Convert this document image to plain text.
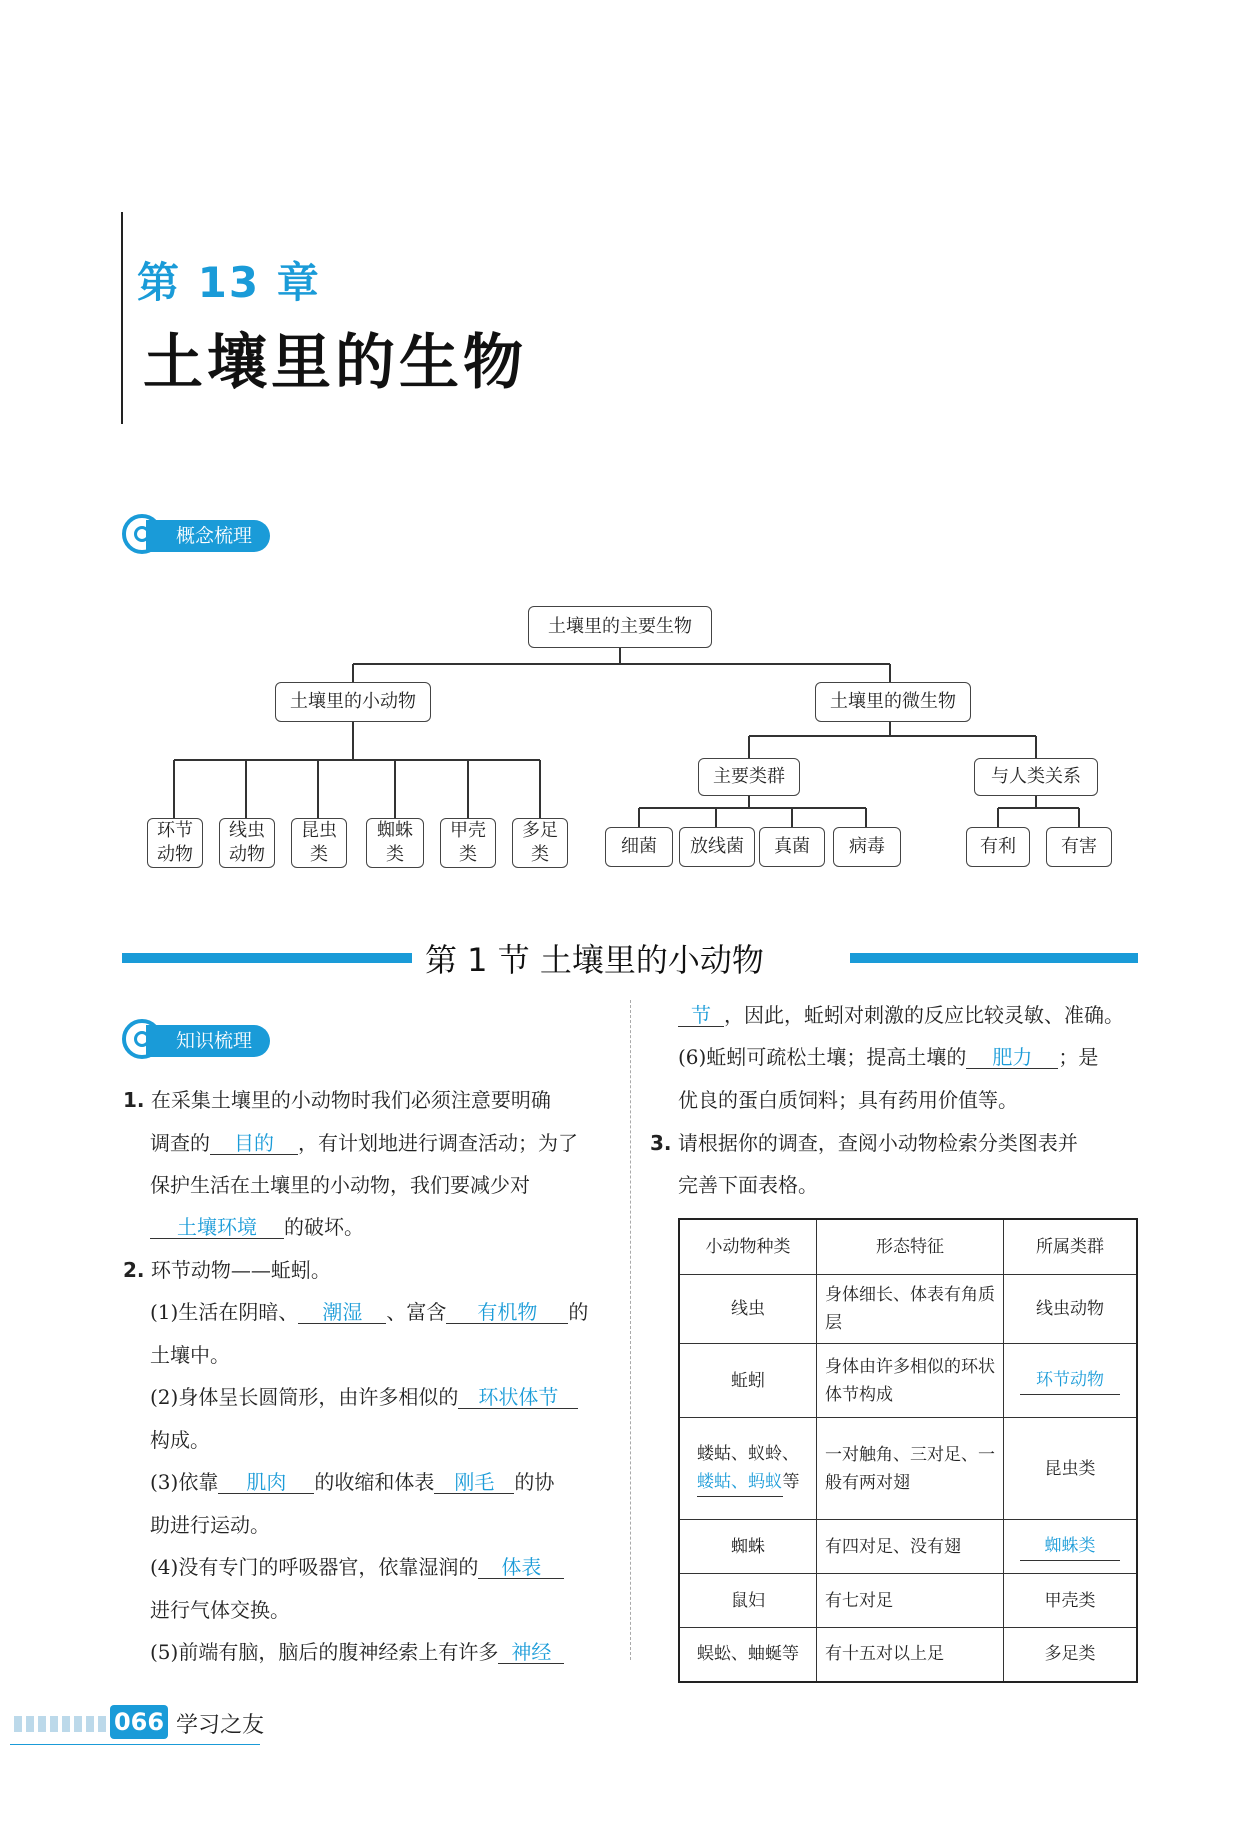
第 13 章
土壤里的生物
概念梳理
土壤里的主要生物
土壤里的小动物	土壤里的微生物
环节
动物
线虫
动物
昆虫
类
蜘蛛
类
甲壳
类
多足
类
主要类群	与人类关系
细菌	放线菌	真菌	病毒	有利	有害
第 1 节 土壤里的小动物
知识梳理
1. 在采集土壤里的小动物时我们必须注意要明确
调查的 目的 ，有计划地进行调查活动；为了
保护生活在土壤里的小动物，我们要减少对
土壤环境 的破坏。
2. 环节动物——蚯蚓。
(1)生活在阴暗、 潮湿 、富含 有机物 的
土壤中。
(2)身体呈长圆筒形，由许多相似的 环状体节
构成。
(3)依靠 肌肉 的收缩和体表 刚毛 的协
助进行运动。
(4)没有专门的呼吸器官，依靠湿润的 体表
进行气体交换。
(5)前端有脑，脑后的腹神经索上有许多 神经
节 ，因此，蚯蚓对刺激的反应比较灵敏、准确。
(6)蚯蚓可疏松土壤；提高土壤的 肥力 ；是
优良的蛋白质饲料；具有药用价值等。
3. 请根据你的调查，查阅小动物检索分类图表并
完善下面表格。
小动物种类	形态特征	所属类群
线虫	身体细长、体表有角质层	线虫动物
蚯蚓	身体由许多相似的环状体节构成	环节动物

蝼蛄、蚁蛉、
蝼蛄、蚂蚁等	一对触角、三对足、一般有两对翅	昆虫类
蜘蛛	有四对足、没有翅	蜘蛛类
鼠妇	有七对足	甲壳类
蜈蚣、蚰蜒等	有十五对以上足	多足类
066 学习之友
